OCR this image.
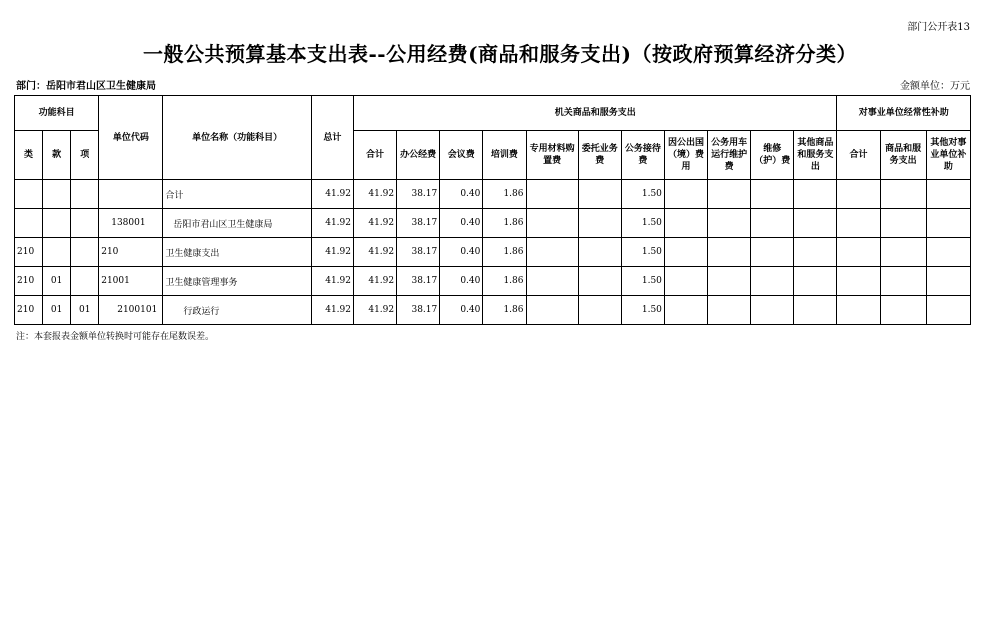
部门公开表13
一般公共预算基本支出表--公用经费(商品和服务支出)（按政府预算经济分类）
部门：岳阳市君山区卫生健康局	金额单位：万元
功能科目			单位代码	单位名称（功能科目）	总计	机关商品和服务支出											对事业单位经常性补助		
类	款	项				合计	办公经费	会议费	培训费	专用材料购置费	委托业务费	公务接待费	因公出国（境）费用	公务用车运行维护费	维修（护）费	其他商品和服务支出	合计	商品和服务支出	其他对事业单位补助
				合计	41.92	41.92	38.17	0.40	1.86			1.50							
			138001	岳阳市君山区卫生健康局	41.92	41.92	38.17	0.40	1.86			1.50							
210			210	卫生健康支出	41.92	41.92	38.17	0.40	1.86			1.50							
210	01		21001	卫生健康管理事务	41.92	41.92	38.17	0.40	1.86			1.50							
210	01	01	2100101	行政运行	41.92	41.92	38.17	0.40	1.86			1.50							
注：本套报表金额单位转换时可能存在尾数误差。
